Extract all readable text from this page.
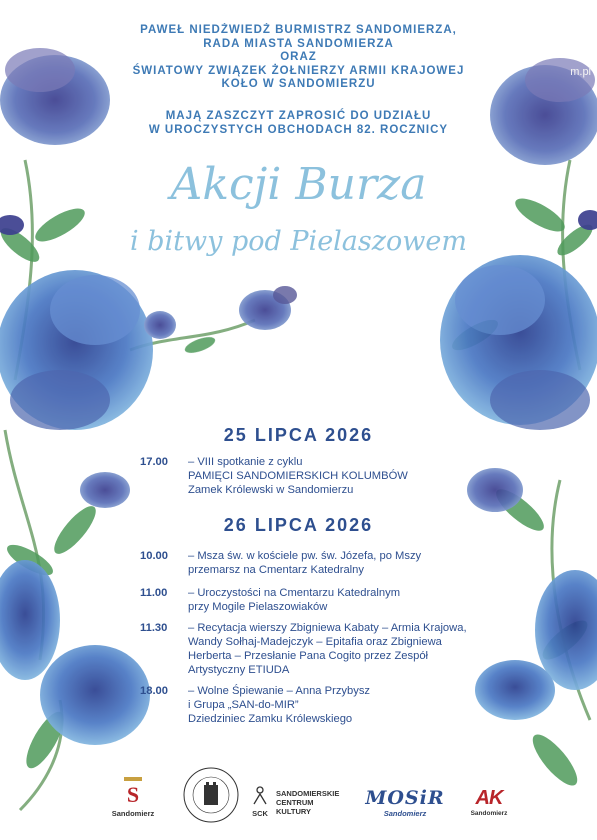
m.pl
PAWEŁ NIEDŹWIEDŹ BURMISTRZ SANDOMIERZA,
RADA MIASTA SANDOMIERZA
ORAZ
ŚWIATOWY ZWIĄZEK ŻOŁNIERZY ARMII KRAJOWEJ
KOŁO W SANDOMIERZU
MAJĄ ZASZCZYT ZAPROSIĆ DO UDZIAŁU
W UROCZYSTYCH OBCHODACH 82. ROCZNICY
Akcji Burza
i bitwy pod Pielaszowem
25 LIPCA 2026
17.00	– VIII spotkanie z cyklu
PAMIĘCI SANDOMIERSKICH KOLUMBÓW
Zamek Królewski w Sandomierzu
26 LIPCA 2026
10.00	– Msza św. w kościele pw. św. Józefa, po Mszy
przemarsz na Cmentarz Katedralny
11.00	– Uroczystości na Cmentarzu Katedralnym
przy Mogile Pielaszowiaków
11.30	– Recytacja wierszy Zbigniewa Kabaty – Armia Krajowa,
Wandy Sołhaj-Madejczyk – Epitafia oraz Zbigniewa
Herberta – Przesłanie Pana Cogito przez Zespół
Artystyczny ETIUDA
18.00	– Wolne Śpiewanie – Anna Przybysz
i Grupa „SAN-do-MIR”
Dziedziniec Zamku Królewskiego
S
Sandomierz	SCK
SANDOMIERSKIE
CENTRUM
KULTURY
MOSiR
Sandomierz
AK
Sandomierz
